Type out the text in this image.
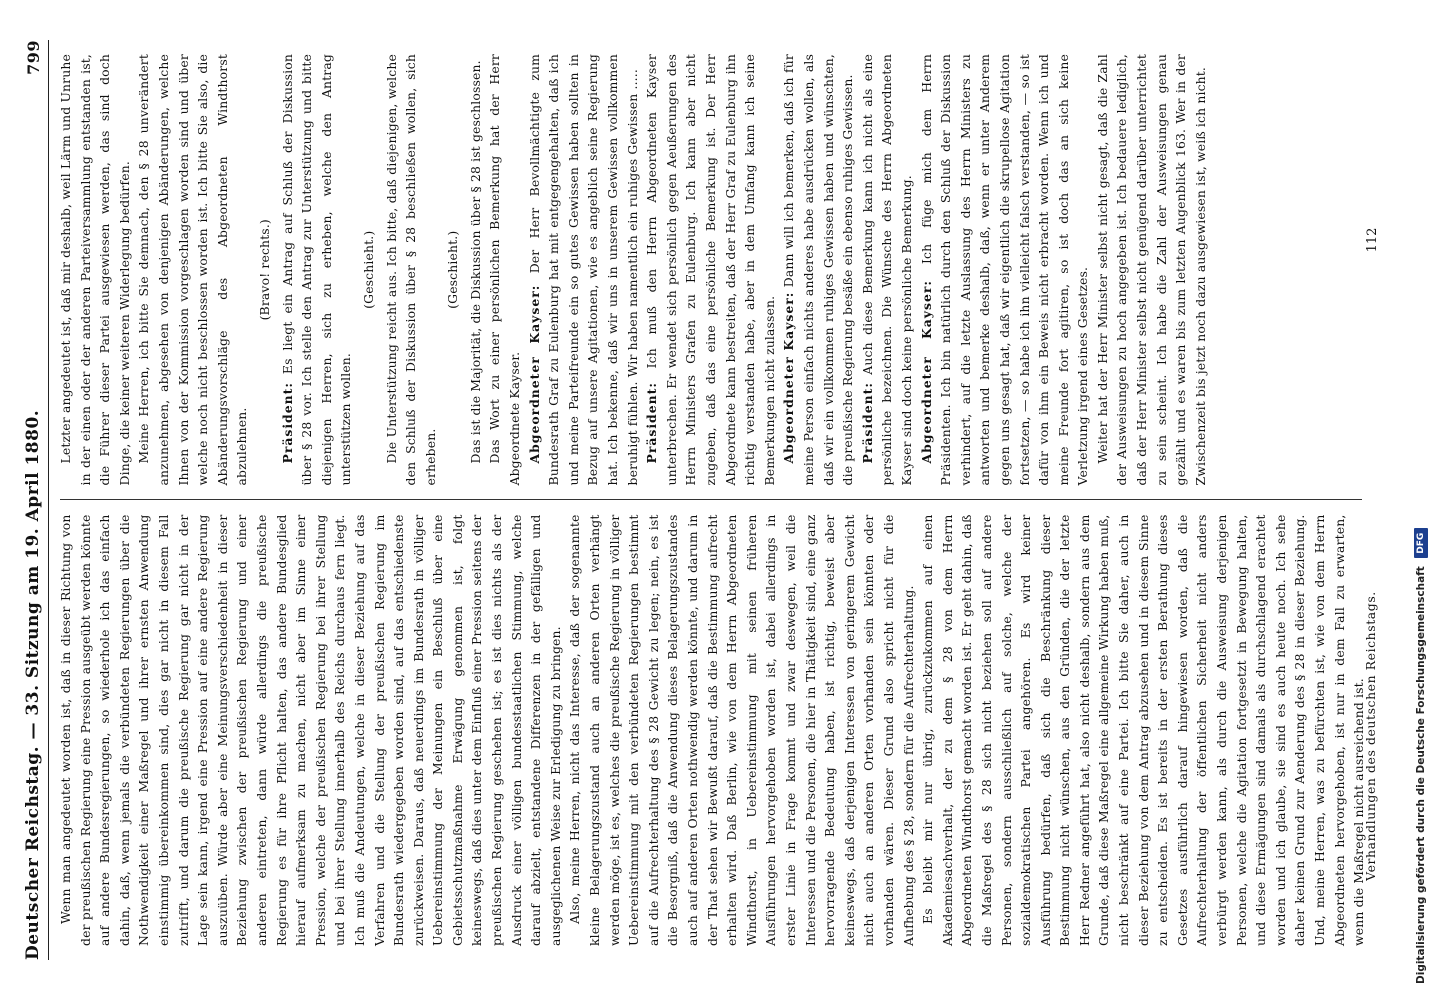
Deutscher Reichstag. — 33. Sitzung am 19. April 1880.
799

Wenn man angedeutet worden ist, daß in dieser Richtung von der preußischen Regierung eine Pression ausgeübt werden könnte auf andere Bundesregierungen, so wiederhole ich das einfach dahin, daß, wenn jemals die verbündeten Regierungen über die Nothwendigkeit einer Maßregel und ihrer ernsten Anwendung einstimmig übereinkommen sind, dies gar nicht in diesem Fall zutrifft, und darum die preußische Regierung gar nicht in der Lage sein kann, irgend eine Pression auf eine andere Regierung auszuüben. Würde aber eine Meinungsverschiedenheit in dieser Beziehung zwischen der preußischen Regierung und einer anderen eintreten, dann würde allerdings die preußische Regierung es für ihre Pflicht halten, das andere Bundesglied hierauf aufmerksam zu machen, nicht aber im Sinne einer Pression, welche der preußischen Regierung bei ihrer Stellung und bei ihrer Stellung innerhalb des Reichs durchaus fern liegt. Ich muß die Andeutungen, welche in dieser Beziehung auf das Verfahren und die Stellung der preußischen Regierung im Bundesrath wiedergegeben worden sind, auf das entschiedenste zurückweisen. Daraus, daß neuerdings im Bundesrath in völliger Uebereinstimmung der Meinungen ein Beschluß über eine Gebietsschutzmaßnahme Erwägung genommen ist, folgt keineswegs, daß dies unter dem Einfluß einer Pression seitens der preußischen Regierung geschehen ist; es ist dies nichts als der Ausdruck einer völligen bundesstaatlichen Stimmung, welche darauf abzielt, entstandene Differenzen in der gefälligen und ausgeglichenen Weise zur Erledigung zu bringen. Also, meine Herren, nicht das Interesse, daß der sogenannte kleine Belagerungszustand auch an anderen Orten verhängt werden möge, ist es, welches die preußische Regierung in völliger Uebereinstimmung mit den verbündeten Regierungen bestimmt auf die Aufrechterhaltung des § 28 Gewicht zu legen; nein, es ist die Besorgniß, daß die Anwendung dieses Belagerungszustandes auch auf anderen Orten nothwendig werden könnte, und darum in der That sehen wir Bewußt darauf, daß die Bestimmung aufrecht erhalten wird. Daß Berlin, wie von dem Herrn Abgeordneten Windthorst, in Uebereinstimmung mit seinen früheren Ausführungen hervorgehoben worden ist, dabei allerdings in erster Linie in Frage kommt und zwar deswegen, weil die Interessen und die Personen, die hier in Thätigkeit sind, eine ganz hervorragende Bedeutung haben, ist richtig, beweist aber keineswegs, daß derjenigen Interessen von geringerem Gewicht nicht auch an anderen Orten vorhanden sein könnten oder vorhanden wären. Dieser Grund also spricht nicht für die Aufhebung des § 28, sondern für die Aufrechterhaltung. Es bleibt mir nur übrig, zurückzukommen auf einen Akademiesachverhalt, der zu dem § 28 von dem Herrn Abgeordneten Windthorst gemacht worden ist. Er geht dahin, daß die Maßregel des § 28 sich nicht beziehen soll auf andere Personen, sondern ausschließlich auf solche, welche der sozialdemokratischen Partei angehören. Es wird keiner Ausführung bedürfen, daß sich die Beschränkung dieser Bestimmung nicht wünschen, aus den Gründen, die der letzte Herr Redner angeführt hat, also nicht deshalb, sondern aus dem Grunde, daß diese Maßregel eine allgemeine Wirkung haben muß, nicht beschränkt auf eine Partei. Ich bitte Sie daher, auch in dieser Beziehung von dem Antrag abzusehen und in diesem Sinne zu entscheiden. Es ist bereits in der ersten Berathung dieses Gesetzes ausführlich darauf hingewiesen worden, daß die Aufrechterhaltung der öffentlichen Sicherheit nicht anders verbürgt werden kann, als durch die Ausweisung derjenigen Personen, welche die Agitation fortgesetzt in Bewegung halten, und diese Ermägungen sind damals als durchschlagend erachtet worden und ich glaube, sie sind es auch heute noch. Ich sehe daher keinen Grund zur Aenderung des § 28 in dieser Beziehung. Und, meine Herren, was zu befürchten ist, wie von dem Herrn Abgeordneten hervorgehoben, ist nur in dem Fall zu erwarten, wenn die Maßregel nicht ausreichend ist.

Letzter angedeutet ist, daß mir deshalb, weil Lärm und Unruhe in der einen oder der anderen Parteiversammlung entstanden ist, die Führer dieser Partei ausgewiesen werden, das sind doch Dinge, die keiner weiteren Widerlegung bedürfen. Meine Herren, ich bitte Sie demnach, den § 28 unverändert anzunehmen, abgesehen von denjenigen Abänderungen, welche Ihnen von der Kommission vorgeschlagen worden sind und über welche noch nicht beschlossen worden ist. Ich bitte Sie also, die Abänderungsvorschläge des Abgeordneten Windthorst abzulehnen.

(Bravo! rechts.)

Präsident: Es liegt ein Antrag auf Schluß der Diskussion über § 28 vor. Ich stelle den Antrag zur Unterstützung und bitte diejenigen Herren, sich zu erheben, welche den Antrag unterstützen wollen.

(Geschieht.) Die Unterstützung reicht aus. Ich bitte, daß diejenigen, welche den Schluß der Diskussion über § 28 beschließen wollen, sich erheben.

(Geschieht.) Das ist die Majorität, die Diskussion über § 28 ist geschlossen. Das Wort zu einer persönlichen Bemerkung hat der Herr Abgeordnete Kayser. Abgeordneter Kayser: Der Herr Bevollmächtigte zum Bundesrath Graf zu Eulenburg hat mit entgegengehalten, daß ich und meine Parteifreunde ein so gutes Gewissen haben sollten in Bezug auf unsere Agitationen, wie es angeblich seine Regierung hat. Ich bekenne, daß wir uns in unserem Gewissen vollkommen beruhigt fühlen. Wir haben namentlich ein ruhiges Gewissen ..... Präsident: Ich muß den Herrn Abgeordneten Kayser unterbrechen. Er wendet sich persönlich gegen Aeußerungen des Herrn Ministers Grafen zu Eulenburg. Ich kann aber nicht zugeben, daß das eine persönliche Bemerkung ist. Der Herr Abgeordnete kann bestreiten, daß der Herr Graf zu Eulenburg ihn richtig verstanden habe, aber in dem Umfang kann ich seine Bemerkungen nicht zulassen. Abgeordneter Kayser: Dann will ich bemerken, daß ich für meine Person einfach nichts anderes habe ausdrücken wollen, als daß wir ein vollkommen ruhiges Gewissen haben und wünschten, die preußische Regierung besäße ein ebenso ruhiges Gewissen. Präsident: Auch diese Bemerkung kann ich nicht als eine persönliche bezeichnen. Die Wünsche des Herrn Abgeordneten Kayser sind doch keine persönliche Bemerkung. Abgeordneter Kayser: Ich füge mich dem Herrn Präsidenten. Ich bin natürlich durch den Schluß der Diskussion verhindert, auf die letzte Auslassung des Herrn Ministers zu antworten und bemerke deshalb, daß, wenn er unter Anderem gegen uns gesagt hat, daß wir eigentlich die skrupellose Agitation fortsetzen, — so habe ich ihn vielleicht falsch verstanden, — so ist dafür von ihm ein Beweis nicht erbracht worden. Wenn ich und meine Freunde fort agitiren, so ist doch das an sich keine Verletzung irgend eines Gesetzes. Weiter hat der Herr Minister selbst nicht gesagt, daß die Zahl der Ausweisungen zu hoch angegeben ist. Ich bedauere lediglich, daß der Herr Minister selbst nicht genügend darüber unterrichtet zu sein scheint. Ich habe die Zahl der Ausweisungen genau gezählt und es waren bis zum letzten Augenblick 163. Wer in der Zwischenzeit bis jetzt noch dazu ausgewiesen ist, weiß ich nicht.

Verhandlungen des deutschen Reichstags.
112
Digitalisierung gefördert durch die Deutsche Forschungsgemeinschaft
DFG
